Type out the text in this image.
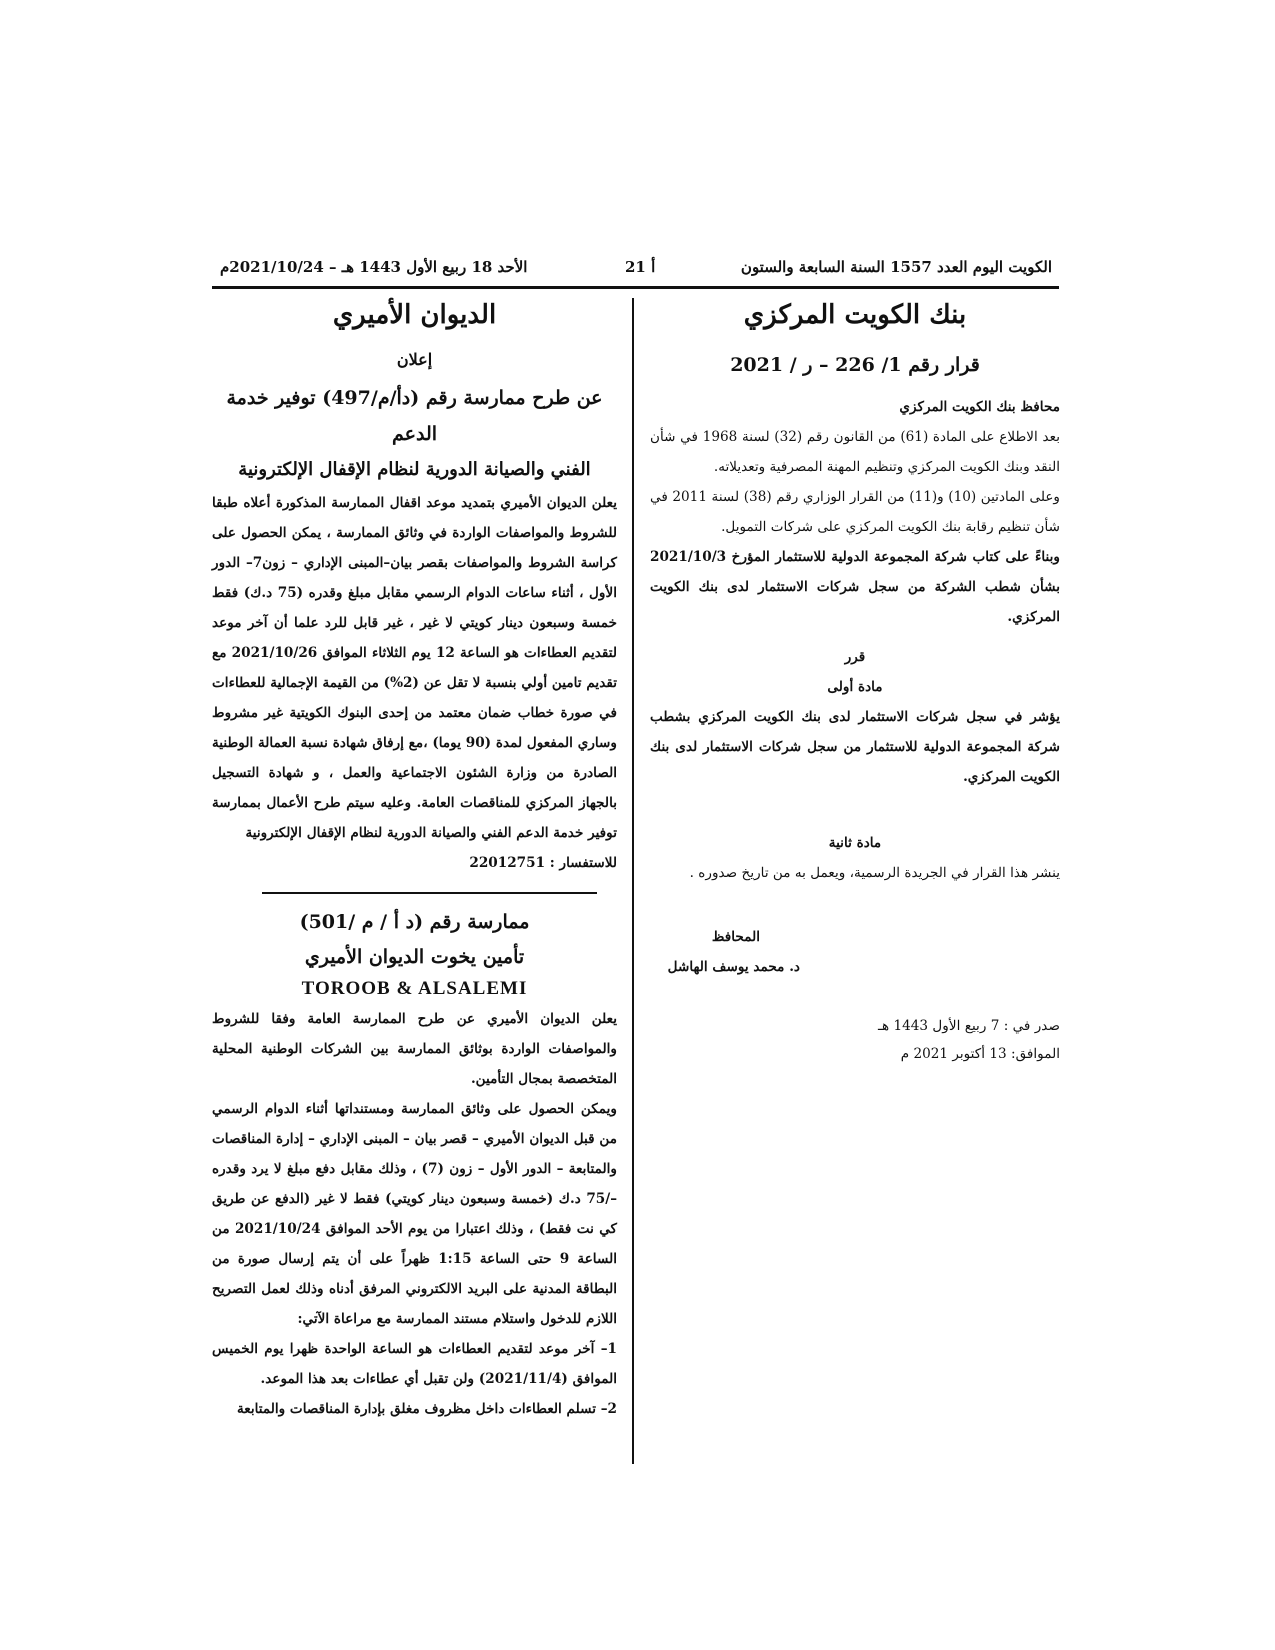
الكويت اليوم العدد 1557 السنة السابعة والستون
أ 21
الأحد 18 ربيع الأول 1443 هـ – 2021/10/24م

بنك الكويت المركزي

قرار رقم 1/ 226 – ر / 2021

محافظ بنك الكويت المركزي

بعد الاطلاع على المادة (61) من القانون رقم (32) لسنة 1968 في شأن النقد وبنك الكويت المركزي وتنظيم المهنة المصرفية وتعديلاته.

وعلى المادتين (10) و(11) من القرار الوزاري رقم (38) لسنة 2011 في شأن تنظيم رقابة بنك الكويت المركزي على شركات التمويل.

وبناءً على كتاب شركة المجموعة الدولية للاستثمار المؤرخ 2021/10/3 بشأن شطب الشركة من سجل شركات الاستثمار لدى بنك الكويت المركزي.

قرر

مادة أولى

يؤشر في سجل شركات الاستثمار لدى بنك الكويت المركزي بشطب شركة المجموعة الدولية للاستثمار من سجل شركات الاستثمار لدى بنك الكويت المركزي.

مادة ثانية

ينشر هذا القرار في الجريدة الرسمية، ويعمل به من تاريخ صدوره .

المحافظ

د. محمد يوسف الهاشل

صدر في : 7 ربيع الأول 1443 هـ

الموافق: 13 أكتوبر 2021 م

الديوان الأميري

إعلان

عن طرح ممارسة رقم (دأ/م/497) توفير خدمة الدعم

الفني والصيانة الدورية لنظام الإقفال الإلكترونية

يعلن الديوان الأميري بتمديد موعد اقفال الممارسة المذكورة أعلاه طبقا للشروط والمواصفات الواردة في وثائق الممارسة ، يمكن الحصول على كراسة الشروط والمواصفات بقصر بيان–المبنى الإداري – زون7– الدور الأول ، أثناء ساعات الدوام الرسمي مقابل مبلغ وقدره (75 د.ك) فقط خمسة وسبعون دينار كويتي لا غير ، غير قابل للرد علما أن آخر موعد لتقديم العطاءات هو الساعة 12 يوم الثلاثاء الموافق 2021/10/26 مع تقديم تامين أولي بنسبة لا تقل عن (2%) من القيمة الإجمالية للعطاءات في صورة خطاب ضمان معتمد من إحدى البنوك الكويتية غير مشروط وساري المفعول لمدة (90 يوما) ،مع إرفاق شهادة نسبة العمالة الوطنية الصادرة من وزارة الشئون الاجتماعية والعمل ، و شهادة التسجيل بالجهاز المركزي للمناقصات العامة. وعليه سيتم طرح الأعمال بممارسة توفير خدمة الدعم الفني والصيانة الدورية لنظام الإقفال الإلكترونية

للاستفسار : 22012751

ممارسة رقم (د أ / م /501)

تأمين يخوت الديوان الأميري

TOROOB & ALSALEMI

يعلن الديوان الأميري عن طرح الممارسة العامة وفقا للشروط والمواصفات الواردة بوثائق الممارسة بين الشركات الوطنية المحلية المتخصصة بمجال التأمين.

ويمكن الحصول على وثائق الممارسة ومستنداتها أثناء الدوام الرسمي من قبل الديوان الأميري – قصر بيان – المبنى الإداري – إدارة المناقصات والمتابعة – الدور الأول – زون (7) ، وذلك مقابل دفع مبلغ لا يرد وقدره –/75 د.ك (خمسة وسبعون دينار كويتي) فقط لا غير (الدفع عن طريق كي نت فقط) ، وذلك اعتبارا من يوم الأحد الموافق 2021/10/24 من الساعة 9 حتى الساعة 1:15 ظهراً على أن يتم إرسال صورة من البطاقة المدنية على البريد الالكتروني المرفق أدناه وذلك لعمل التصريح اللازم للدخول واستلام مستند الممارسة مع مراعاة الآتي:

1– آخر موعد لتقديم العطاءات هو الساعة الواحدة ظهرا يوم الخميس الموافق (2021/11/4) ولن تقبل أي عطاءات بعد هذا الموعد.

2– تسلم العطاءات داخل مظروف مغلق بإدارة المناقصات والمتابعة
